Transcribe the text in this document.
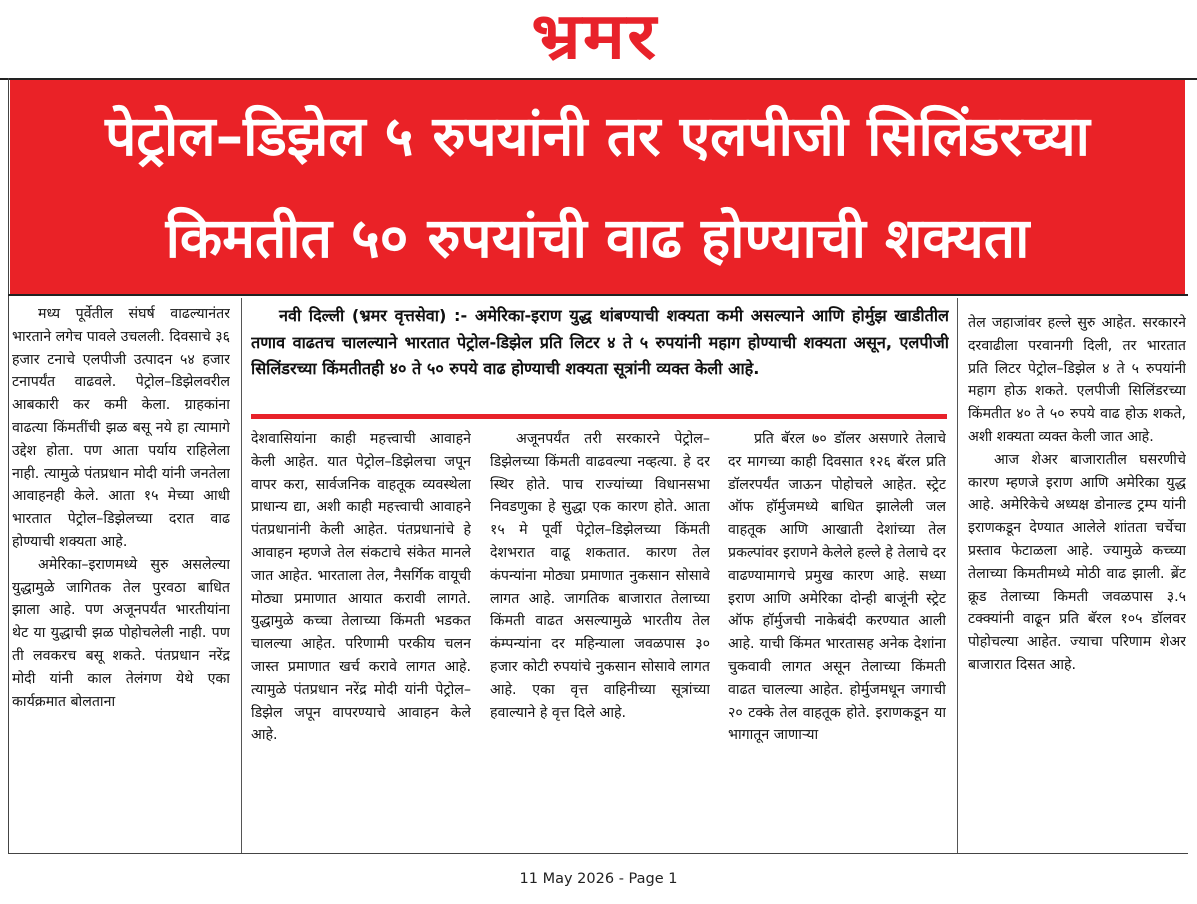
भ्रमर
पेट्रोल–डिझेल ५ रुपयांनी तर एलपीजी सिलिंडरच्या
किमतीत ५० रुपयांची वाढ होण्याची शक्यता

मध्य पूर्वेतील संघर्ष वाढल्यानंतर भारताने लगेच पावले उचलली. दिवसाचे ३६ हजार टनाचे एलपीजी उत्पादन ५४ हजार टनापर्यंत वाढवले. पेट्रोल–डिझेलवरील आबकारी कर कमी केला. ग्राहकांना वाढत्या किंमतींची झळ बसू नये हा त्यामागे उद्देश होता. पण आता पर्याय राहिलेला नाही. त्यामुळे पंतप्रधान मोदी यांनी जनतेला आवाहनही केले. आता १५ मेच्या आधी भारतात पेट्रोल–डिझेलच्या दरात वाढ होण्याची शक्यता आहे.

अमेरिका–इराणमध्ये सुरु असलेल्या युद्धामुळे जागितक तेल पुरवठा बाधित झाला आहे. पण अजूनपर्यंत भारतीयांना थेट या युद्धाची झळ पोहोचलेली नाही. पण ती लवकरच बसू शकते. पंतप्रधान नरेंद्र मोदी यांनी काल तेलंगण येथे एका कार्यक्रमात बोलताना

नवी दिल्ली (भ्रमर वृत्तसेवा) :- अमेरिका-इराण युद्ध थांबण्याची शक्यता कमी असल्याने आणि होर्मुझ खाडीतील तणाव वाढतच चालल्याने भारतात पेट्रोल-डिझेल प्रति लिटर ४ ते ५ रुपयांनी महाग होण्याची शक्यता असून, एलपीजी सिलिंडरच्या किंमतीतही ४० ते ५० रुपये वाढ होण्याची शक्यता सूत्रांनी व्यक्त केली आहे.

देशवासियांना काही महत्त्वाची आवाहने केली आहेत. यात पेट्रोल–डिझेलचा जपून वापर करा, सार्वजनिक वाहतूक व्यवस्थेला प्राधान्य द्या, अशी काही महत्त्वाची आवाहने पंतप्रधानांनी केली आहेत. पंतप्रधानांचे हे आवाहन म्हणजे तेल संकटाचे संकेत मानले जात आहेत. भारताला तेल, नैसर्गिक वायूची मोठ्या प्रमाणात आयात करावी लागते. युद्धामुळे कच्चा तेलाच्या किंमती भडकत चालल्या आहेत. परिणामी परकीय चलन जास्त प्रमाणात खर्च करावे लागत आहे. त्यामुळे पंतप्रधान नरेंद्र मोदी यांनी पेट्रोल–डिझेल जपून वापरण्याचे आवाहन केले आहे.

अजूनपर्यंत तरी सरकारने पेट्रोल–डिझेलच्या किंमती वाढवल्या नव्हत्या. हे दर स्थिर होते. पाच राज्यांच्या विधानसभा निवडणुका हे सुद्धा एक कारण होते. आता १५ मे पूर्वी पेट्रोल–डिझेलच्या किंमती देशभरात वाढू शकतात. कारण तेल कंपन्यांना मोठ्या प्रमाणात नुकसान सोसावे लागत आहे. जागतिक बाजारात तेलाच्या किंमती वाढत असल्यामुळे भारतीय तेल कंम्पन्यांना दर महिन्याला जवळपास ३० हजार कोटी रुपयांचे नुकसान सोसावे लागत आहे. एका वृत्त वाहिनीच्या सूत्रांच्या हवाल्याने हे वृत्त दिले आहे.

प्रति बॅरल ७० डॉलर असणारे तेलाचे दर मागच्या काही दिवसात १२६ बॅरल प्रति डॉलरपर्यंत जाऊन पोहोचले आहेत. स्ट्रेट ऑफ हॉर्मुजमध्ये बाधित झालेली जल वाहतूक आणि आखाती देशांच्या तेल प्रकल्पांवर इराणने केलेले हल्ले हे तेलाचे दर वाढण्यामागचे प्रमुख कारण आहे. सध्या इराण आणि अमेरिका दोन्ही बाजूंनी स्ट्रेट ऑफ हॉर्मुजची नाकेबंदी करण्यात आली आहे. याची किंमत भारतासह अनेक देशांना चुकवावी लागत असून तेलाच्या किंमती वाढत चालल्या आहेत. होर्मुजमधून जगाची २० टक्के तेल वाहतूक होते. इराणकडून या भागातून जाणाऱ्या

तेल जहाजांवर हल्ले सुरु आहेत. सरकारने दरवाढीला परवानगी दिली, तर भारतात प्रति लिटर पेट्रोल–डिझेल ४ ते ५ रुपयांनी महाग होऊ शकते. एलपीजी सिलिंडरच्या किंमतीत ४० ते ५० रुपये वाढ होऊ शकते, अशी शक्यता व्यक्त केली जात आहे.

आज शेअर बाजारातील घसरणीचे कारण म्हणजे इराण आणि अमेरिका युद्ध आहे. अमेरिकेचे अध्यक्ष डोनाल्ड ट्रम्प यांनी इराणकडून देण्यात आलेले शांतता चर्चेचा प्रस्ताव फेटाळला आहे. ज्यामुळे कच्च्या तेलाच्या किमतीमध्ये मोठी वाढ झाली. ब्रेंट क्रूड तेलाच्या किमती जवळपास ३.५ टक्क्यांनी वाढून प्रति बॅरल १०५ डॉलवर पोहोचल्या आहेत. ज्याचा परिणाम शेअर बाजारात दिसत आहे.

11 May 2026 - Page 1
